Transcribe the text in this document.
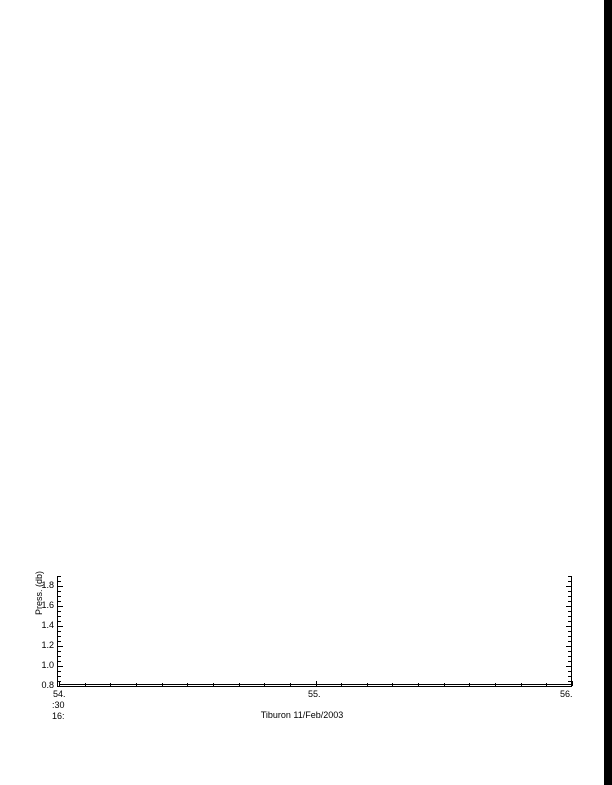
Press. (db)
0.8
1.0
1.2
1.4
1.6
1.8
54.	55.	56.
:30
16:	Tiburon 11/Feb/2003
